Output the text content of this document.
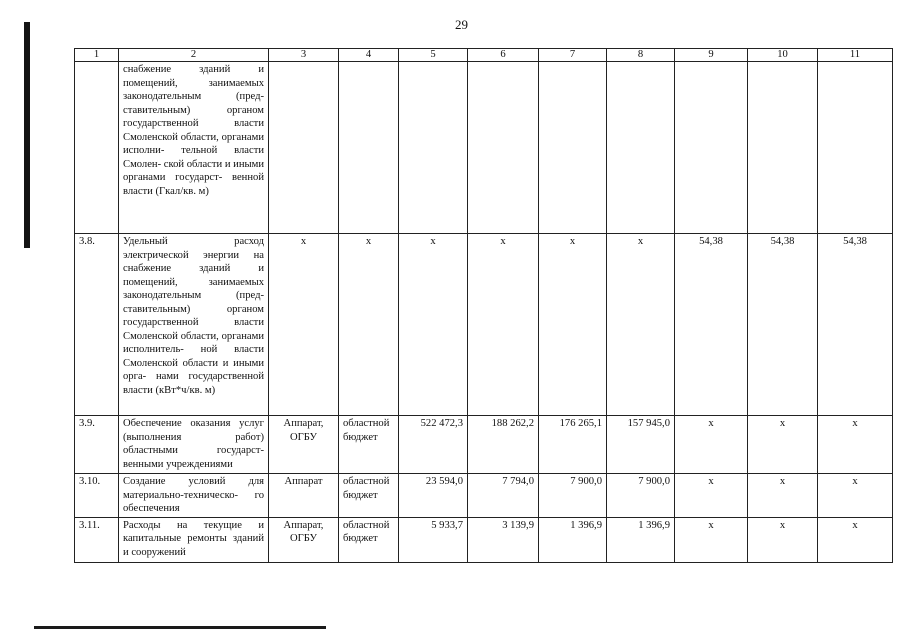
29
1	2	3	4	5	6	7	8	9	10	11
	снабжение зданий и помещений, занимаемых законодательным (пред- ставительным) органом государственной власти Смоленской области, органами исполни- тельной власти Смолен- ской области и иными органами государст- венной власти (Гкал/кв. м)									
3.8.	Удельный расход электрической энергии на снабжение зданий и помещений, занимаемых законодательным (пред- ставительным) органом государственной власти Смоленской области, органами исполнитель- ной власти Смоленской области и иными орга- нами государственной власти (кВт*ч/кв. м)	х	х	х	х	х	х	54,38	54,38	54,38
3.9.	Обеспечение оказания услуг (выполнения работ) областными государст- венными учреждениями	Аппарат, ОГБУ	областной бюджет	522 472,3	188 262,2	176 265,1	157 945,0	х	х	х
3.10.	Создание условий для материально-техническо- го обеспечения	Аппарат	областной бюджет	23 594,0	7 794,0	7 900,0	7 900,0	х	х	х
3.11.	Расходы на текущие и капитальные ремонты зданий и сооружений	Аппарат, ОГБУ	областной бюджет	5 933,7	3 139,9	1 396,9	1 396,9	х	х	х
